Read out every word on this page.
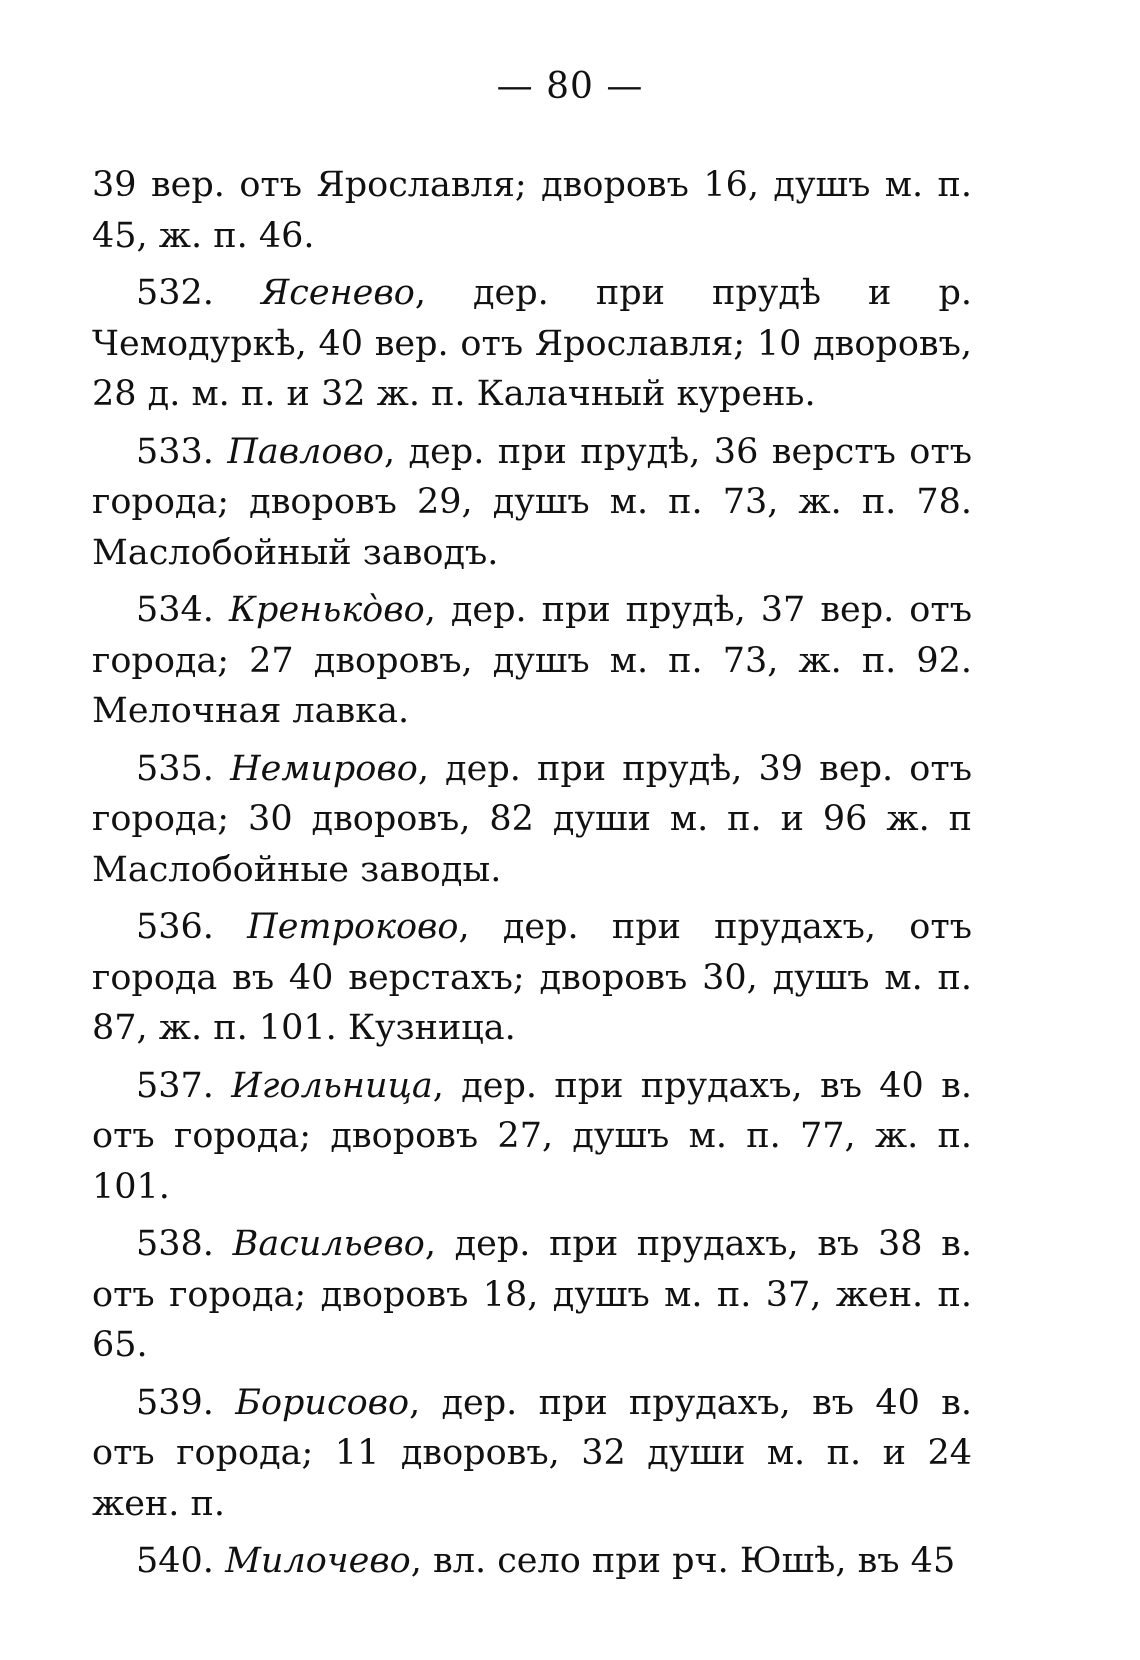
— 80 —

39 вер. отъ Ярославля; дворовъ 16, душъ м. п. 45, ж. п. 46.

532. Ясенево, дер. при прудѣ и р. Чемодуркѣ, 40 вер. отъ Ярославля; 10 дворовъ, 28 д. м. п. и 32 ж. п. Калачный курень.

533. Павлово, дер. при прудѣ, 36 верстъ отъ города; дворовъ 29, душъ м. п. 73, ж. п. 78. Маслобойный заводъ.

534. Кренько̀во, дер. при прудѣ, 37 вер. отъ города; 27 дворовъ, душъ м. п. 73, ж. п. 92. Мелочная лавка.

535. Немирово, дер. при прудѣ, 39 вер. отъ города; 30 дворовъ, 82 души м. п. и 96 ж. п Маслобойные заводы.

536. Петроково, дер. при прудахъ, отъ города въ 40 верстахъ; дворовъ 30, душъ м. п. 87, ж. п. 101. Кузница.

537. Игольница, дер. при прудахъ, въ 40 в. отъ города; дворовъ 27, душъ м. п. 77, ж. п. 101.

538. Васильево, дер. при прудахъ, въ 38 в. отъ города; дворовъ 18, душъ м. п. 37, жен. п. 65.

539. Борисово, дер. при прудахъ, въ 40 в. отъ города; 11 дворовъ, 32 души м. п. и 24 жен. п.

540. Милочево, вл. село при рч. Юшѣ, въ 45
